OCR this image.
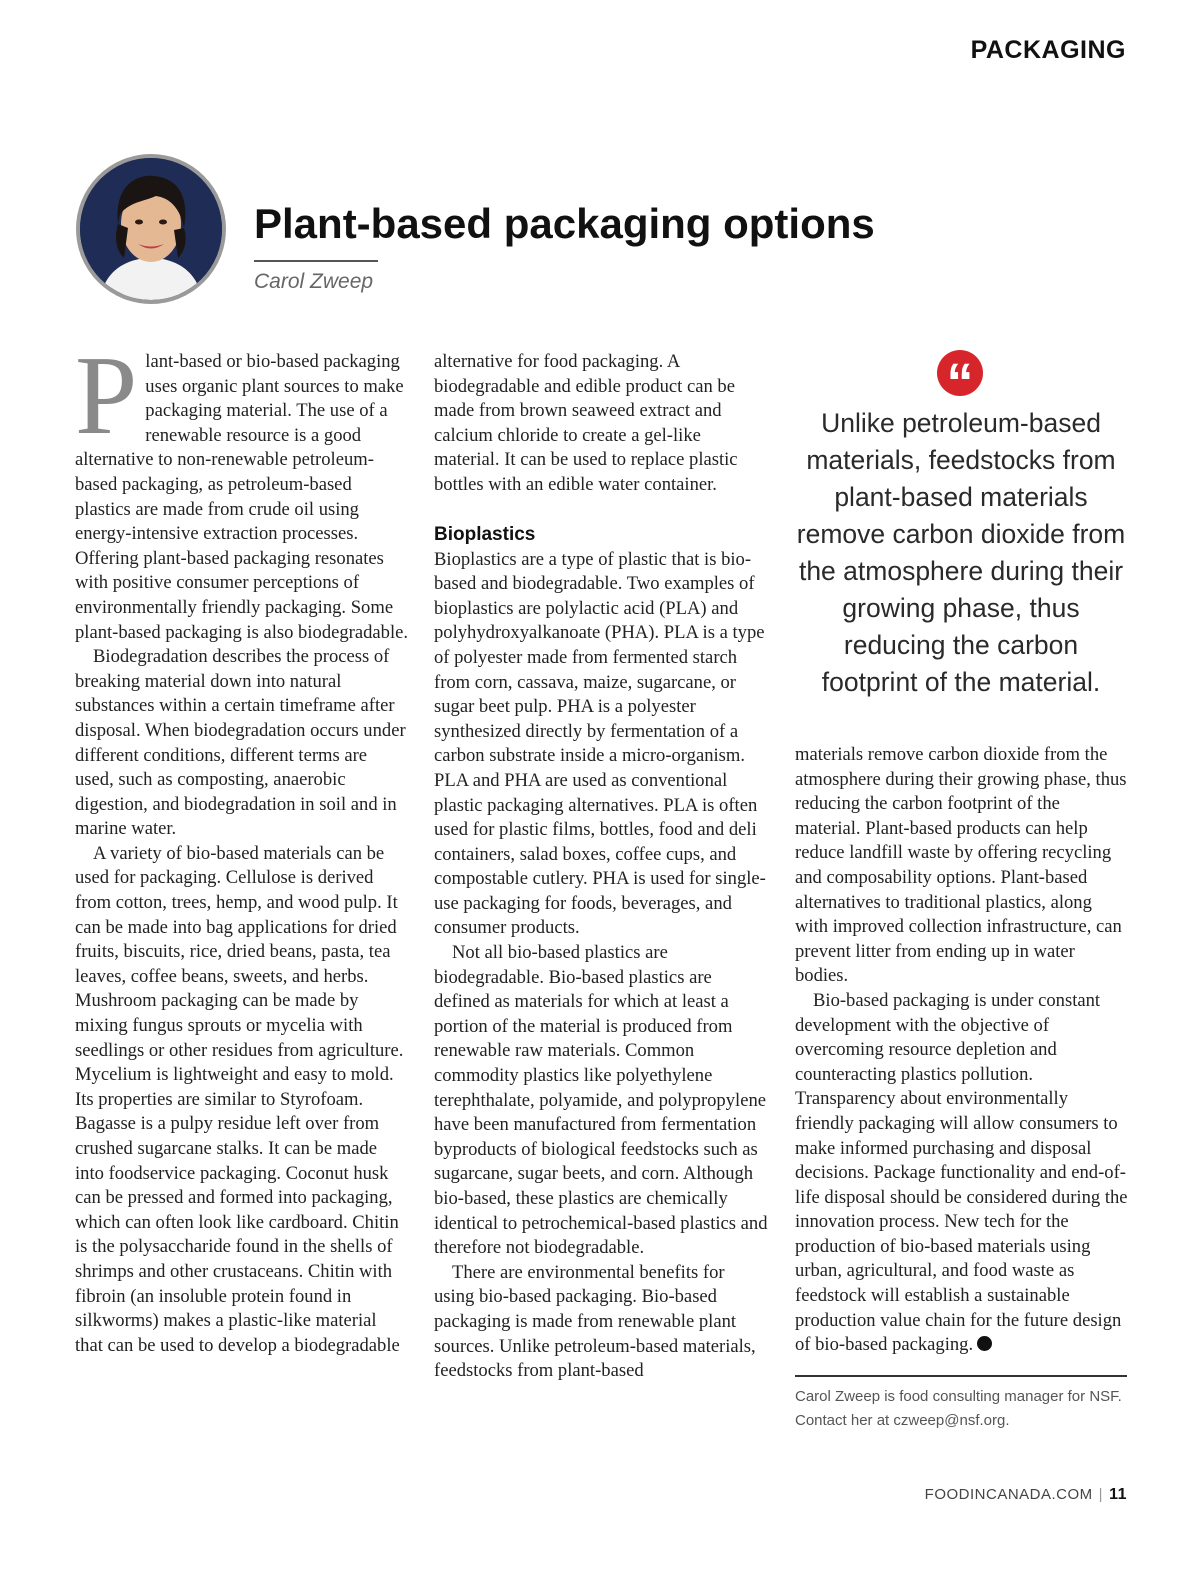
PACKAGING
Plant-based packaging options
Carol Zweep

Plant-based or bio-based packaging uses organic plant sources to make packaging material. The use of a renewable resource is a good alternative to non-renewable petroleum-based packaging, as petroleum-based plastics are made from crude oil using energy-intensive extraction processes. Offering plant-based packaging resonates with positive consumer perceptions of environmentally friendly packaging. Some plant-based packaging is also biodegradable.

Biodegradation describes the process of breaking material down into natural substances within a certain timeframe after disposal. When biodegradation occurs under different conditions, different terms are used, such as composting, anaerobic digestion, and biodegradation in soil and in marine water.

A variety of bio-based materials can be used for packaging. Cellulose is derived from cotton, trees, hemp, and wood pulp. It can be made into bag applications for dried fruits, biscuits, rice, dried beans, pasta, tea leaves, coffee beans, sweets, and herbs. Mushroom packaging can be made by mixing fungus sprouts or mycelia with seedlings or other residues from agriculture. Mycelium is lightweight and easy to mold. Its properties are similar to Styrofoam. Bagasse is a pulpy residue left over from crushed sugarcane stalks. It can be made into foodservice packaging. Coconut husk can be pressed and formed into packaging, which can often look like cardboard. Chitin is the polysaccharide found in the shells of shrimps and other crustaceans. Chitin with fibroin (an insoluble protein found in silkworms) makes a plastic-like material that can be used to develop a biodegradable

alternative for food packaging. A biodegradable and edible product can be made from brown seaweed extract and calcium chloride to create a gel-like material. It can be used to replace plastic bottles with an edible water container.

Bioplastics

Bioplastics are a type of plastic that is bio-based and biodegradable. Two examples of bioplastics are polylactic acid (PLA) and polyhydroxyalkanoate (PHA). PLA is a type of polyester made from fermented starch from corn, cassava, maize, sugarcane, or sugar beet pulp. PHA is a polyester synthesized directly by fermentation of a carbon substrate inside a micro-organism. PLA and PHA are used as conventional plastic packaging alternatives. PLA is often used for plastic films, bottles, food and deli containers, salad boxes, coffee cups, and compostable cutlery. PHA is used for single-use packaging for foods, beverages, and consumer products.

Not all bio-based plastics are biodegradable. Bio-based plastics are defined as materials for which at least a portion of the material is produced from renewable raw materials. Common commodity plastics like polyethylene terephthalate, polyamide, and polypropylene have been manufactured from fermentation byproducts of biological feedstocks such as sugarcane, sugar beets, and corn. Although bio-based, these plastics are chemically identical to petrochemical-based plastics and therefore not biodegradable.

There are environmental benefits for using bio-based packaging. Bio-based packaging is made from renewable plant sources. Unlike petroleum-based materials, feedstocks from plant-based

“

Unlike petroleum-based materials, feedstocks from plant-based materials remove carbon dioxide from the atmosphere during their growing phase, thus reducing the carbon footprint of the material.

materials remove carbon dioxide from the atmosphere during their growing phase, thus reducing the carbon footprint of the material. Plant-based products can help reduce landfill waste by offering recycling and composability options. Plant-based alternatives to traditional plastics, along with improved collection infrastructure, can prevent litter from ending up in water bodies.

Bio-based packaging is under constant development with the objective of overcoming resource depletion and counteracting plastics pollution. Transparency about environmentally friendly packaging will allow consumers to make informed purchasing and disposal decisions. Package functionality and end-of-life disposal should be considered during the innovation process. New tech for the production of bio-based materials using urban, agricultural, and food waste as feedstock will establish a sustainable production value chain for the future design of bio-based packaging.

Carol Zweep is food consulting manager for NSF. Contact her at czweep@nsf.org.
FOODINCANADA.COM | 11
